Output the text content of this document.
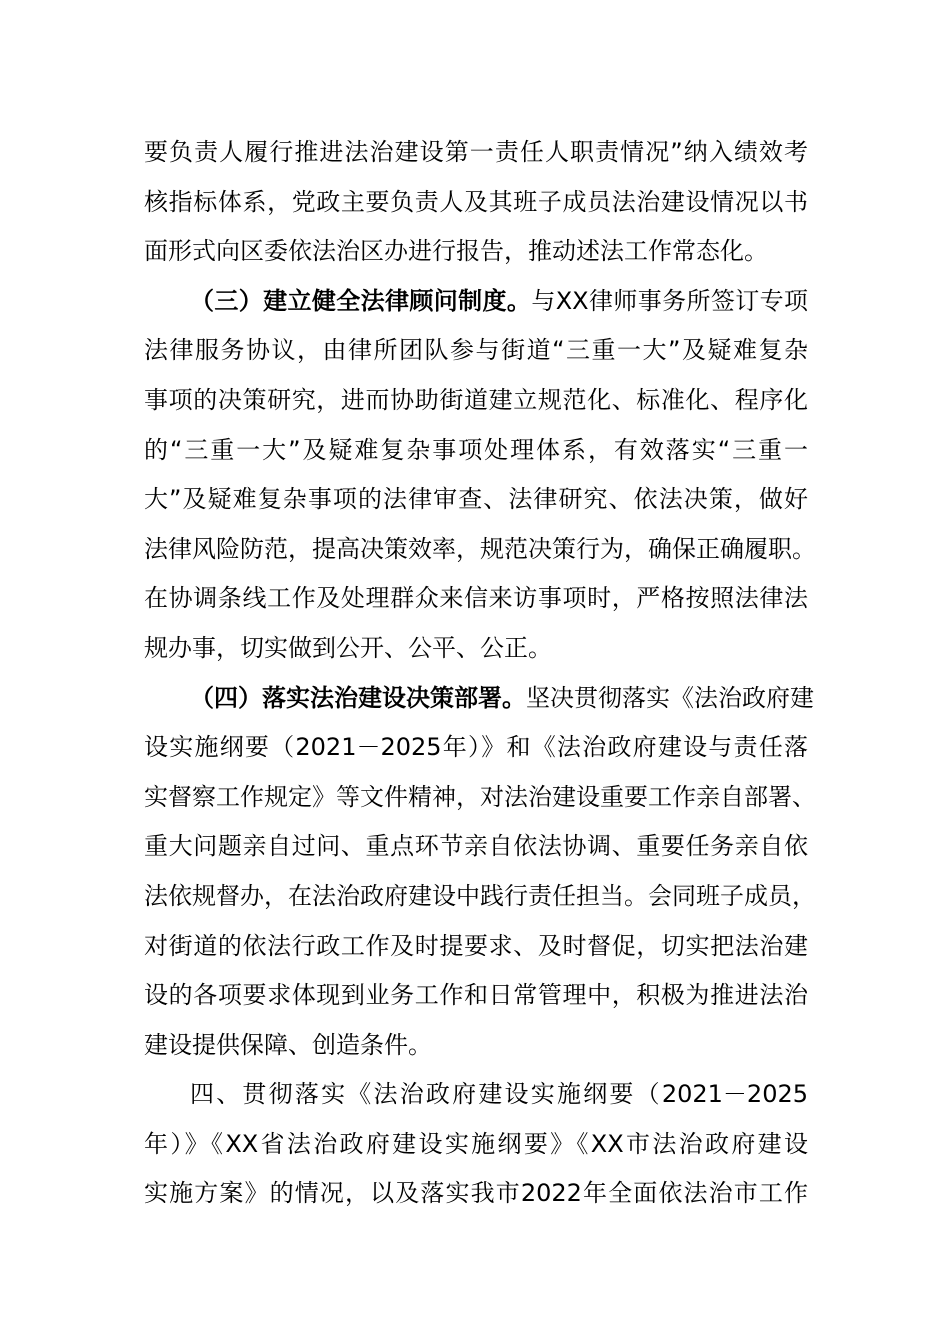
要负责人履行推进法治建设第一责任人职责情况”纳入绩效考
核指标体系，党政主要负责人及其班子成员法治建设情况以书
面形式向区委依法治区办进行报告，推动述法工作常态化。
（三）建立健全法律顾问制度。与XX律师事务所签订专项
法律服务协议，由律所团队参与街道“三重一大”及疑难复杂
事项的决策研究，进而协助街道建立规范化、标准化、程序化
的“三重一大”及疑难复杂事项处理体系，有效落实“三重一
大”及疑难复杂事项的法律审查、法律研究、依法决策，做好
法律风险防范，提高决策效率，规范决策行为，确保正确履职。
在协调条线工作及处理群众来信来访事项时，严格按照法律法
规办事，切实做到公开、公平、公正。
（四）落实法治建设决策部署。坚决贯彻落实《法治政府建
设实施纲要（2021－2025年）》和《法治政府建设与责任落
实督察工作规定》等文件精神，对法治建设重要工作亲自部署、
重大问题亲自过问、重点环节亲自依法协调、重要任务亲自依
法依规督办，在法治政府建设中践行责任担当。会同班子成员，
对街道的依法行政工作及时提要求、及时督促，切实把法治建
设的各项要求体现到业务工作和日常管理中，积极为推进法治
建设提供保障、创造条件。
四、贯彻落实《法治政府建设实施纲要（2021－2025
年）》《XX省法治政府建设实施纲要》《XX市法治政府建设
实施方案》的情况，以及落实我市2022年全面依法治市工作
